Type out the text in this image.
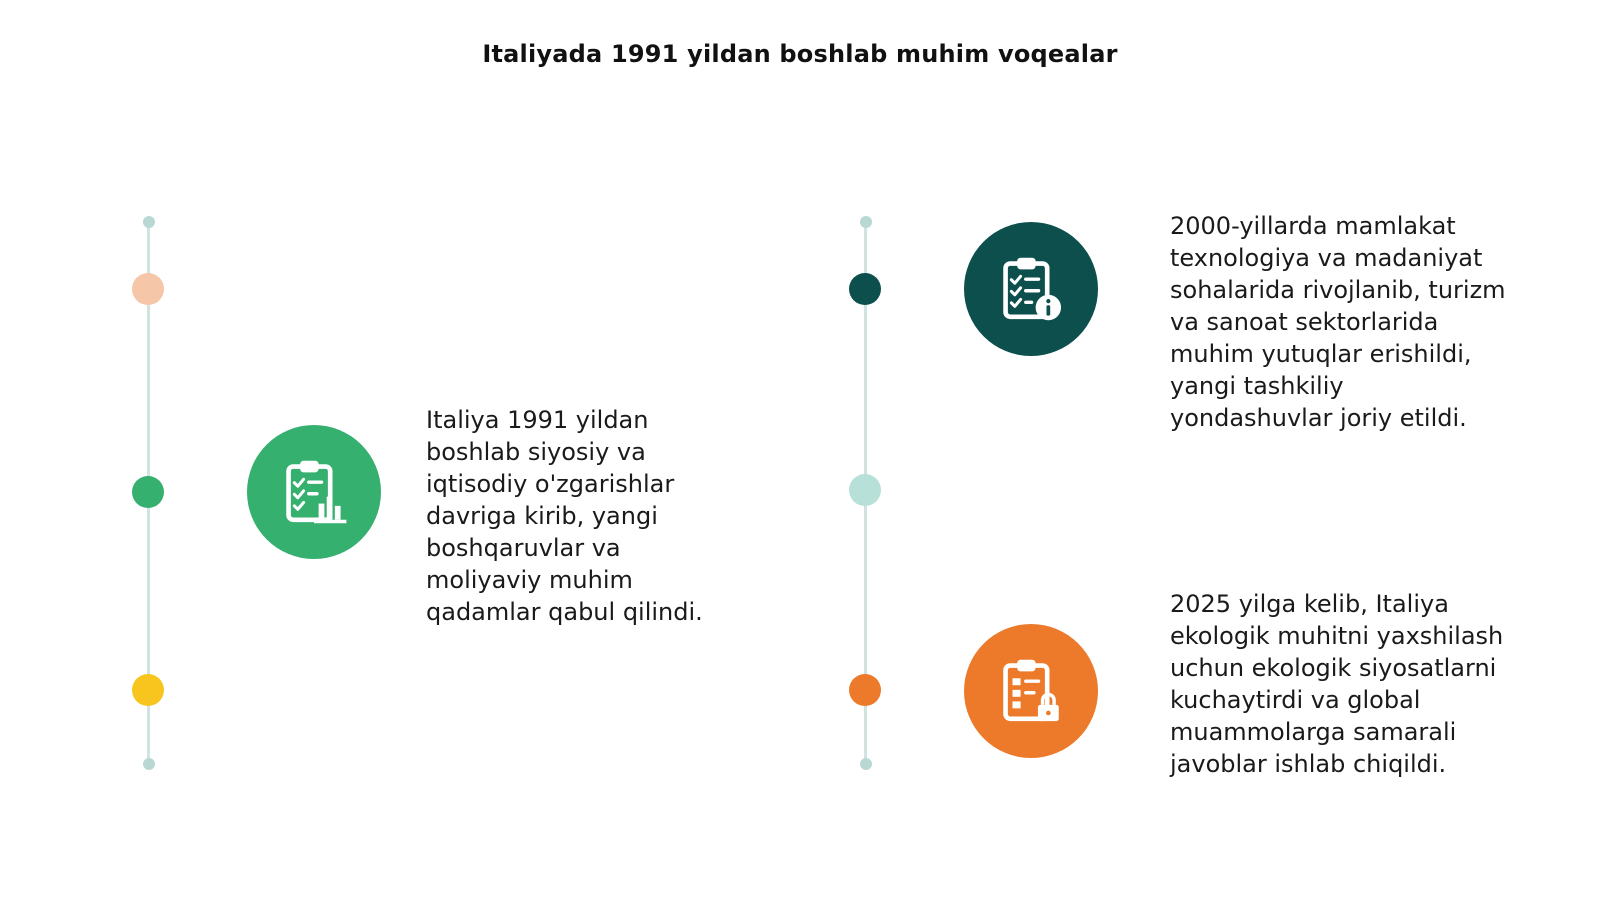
Italiyada 1991 yildan boshlab muhim voqealar
Italiya 1991 yildan
boshlab siyosiy va
iqtisodiy o'zgarishlar
davriga kirib, yangi
boshqaruvlar va
moliyaviy muhim
qadamlar qabul qilindi.
2000-yillarda mamlakat
texnologiya va madaniyat
sohalarida rivojlanib, turizm
va sanoat sektorlarida
muhim yutuqlar erishildi,
yangi tashkiliy
yondashuvlar joriy etildi.
2025 yilga kelib, Italiya
ekologik muhitni yaxshilash
uchun ekologik siyosatlarni
kuchaytirdi va global
muammolarga samarali
javoblar ishlab chiqildi.
